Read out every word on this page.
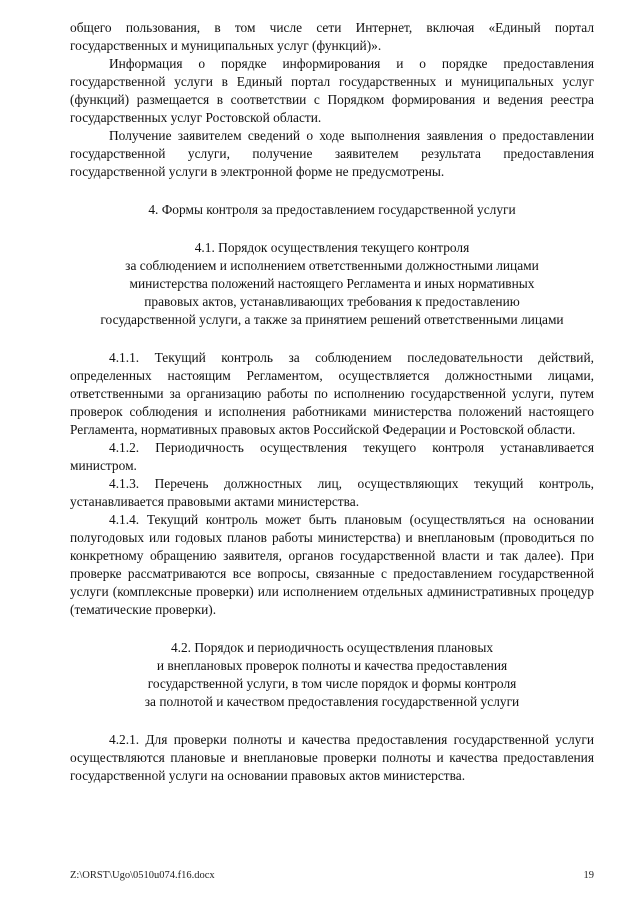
общего пользования, в том числе сети Интернет, включая «Единый портал государственных и муниципальных услуг (функций)».

Информация о порядке информирования и о порядке предоставления государственной услуги в Единый портал государственных и муниципальных услуг (функций) размещается в соответствии с Порядком формирования и ведения реестра государственных услуг Ростовской области.

Получение заявителем сведений о ходе выполнения заявления о предоставлении государственной услуги, получение заявителем результата предоставления государственной услуги в электронной форме не предусмотрены.

4. Формы контроля за предоставлением государственной услуги

4.1. Порядок осуществления текущего контроля
за соблюдением и исполнением ответственными должностными лицами
министерства положений настоящего Регламента и иных нормативных
правовых актов, устанавливающих требования к предоставлению
государственной услуги, а также за принятием решений ответственными лицами

4.1.1. Текущий контроль за соблюдением последовательности действий, определенных настоящим Регламентом, осуществляется должностными лицами, ответственными за организацию работы по исполнению государственной услуги, путем проверок соблюдения и исполнения работниками министерства положений настоящего Регламента, нормативных правовых актов Российской Федерации и Ростовской области.

4.1.2. Периодичность осуществления текущего контроля устанавливается министром.

4.1.3. Перечень должностных лиц, осуществляющих текущий контроль, устанавливается правовыми актами министерства.

4.1.4. Текущий контроль может быть плановым (осуществляться на основании полугодовых или годовых планов работы министерства) и внеплановым (проводиться по конкретному обращению заявителя, органов государственной власти и так далее). При проверке рассматриваются все вопросы, связанные с предоставлением государственной услуги (комплексные проверки) или исполнением отдельных административных процедур (тематические проверки).

4.2. Порядок и периодичность осуществления плановых
и внеплановых проверок полноты и качества предоставления
государственной услуги, в том числе порядок и формы контроля
за полнотой и качеством предоставления государственной услуги

4.2.1. Для проверки полноты и качества предоставления государственной услуги осуществляются плановые и внеплановые проверки полноты и качества предоставления государственной услуги на основании правовых актов министерства.

Z:\ORST\Ugo\0510u074.f16.docx	19
